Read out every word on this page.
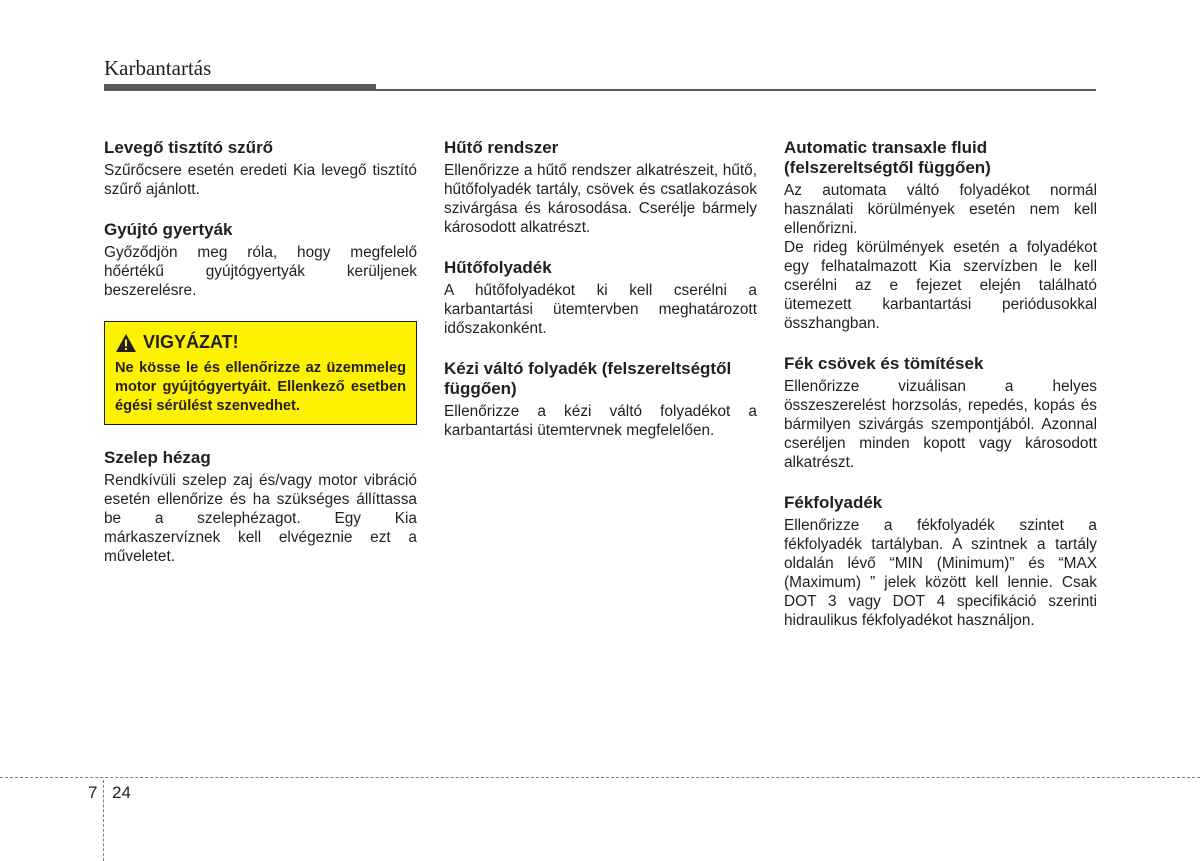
Karbantartás
Levegő tisztító szűrő
Szűrőcsere esetén eredeti Kia levegő tisztító szűrő ajánlott.
Gyújtó gyertyák
Győződjön meg róla, hogy megfelelő hőértékű gyújtógyertyák kerüljenek beszerelésre.
VIGYÁZAT!
Ne kösse le és ellenőrizze az üzemmeleg motor gyújtógyertyáit. Ellenkező esetben égési sérülést szenvedhet.
Szelep hézag
Rendkívüli szelep zaj és/vagy motor vibráció esetén ellenőrize és ha szükséges állíttassa be a szelephézagot. Egy Kia márkaszervíznek kell elvégeznie ezt a műveletet.
Hűtő rendszer
Ellenőrizze a hűtő rendszer alkatrészeit, hűtő, hűtőfolyadék tartály, csövek és csatlakozások szivárgása és károsodása. Cserélje bármely károsodott alkatrészt.
Hűtőfolyadék
A hűtőfolyadékot ki kell cserélni a karbantartási ütemtervben meghatározott időszakonként.
Kézi váltó folyadék (felszereltségtől függően)
Ellenőrizze a kézi váltó folyadékot a karbantartási ütemtervnek megfelelően.
Automatic transaxle fluid (felszereltségtől függően)
Az automata váltó folyadékot normál használati körülmények esetén nem kell ellenőrizni.
De rideg körülmények esetén a folyadékot egy felhatalmazott Kia szervízben le kell cserélni az e fejezet elején található ütemezett karbantartási periódusokkal összhangban.
Fék csövek és tömítések
Ellenőrizze vizuálisan a helyes összeszerelést horzsolás, repedés, kopás és bármilyen szivárgás szempontjából. Azonnal cseréljen minden kopott vagy károsodott alkatrészt.
Fékfolyadék
Ellenőrizze a fékfolyadék szintet a fékfolyadék tartályban. A szintnek a tartály oldalán lévő “MIN (Minimum)” és “MAX (Maximum) ” jelek között kell lennie. Csak DOT 3 vagy DOT 4 specifikáció szerinti hidraulikus fékfolyadékot használjon.
7 24
